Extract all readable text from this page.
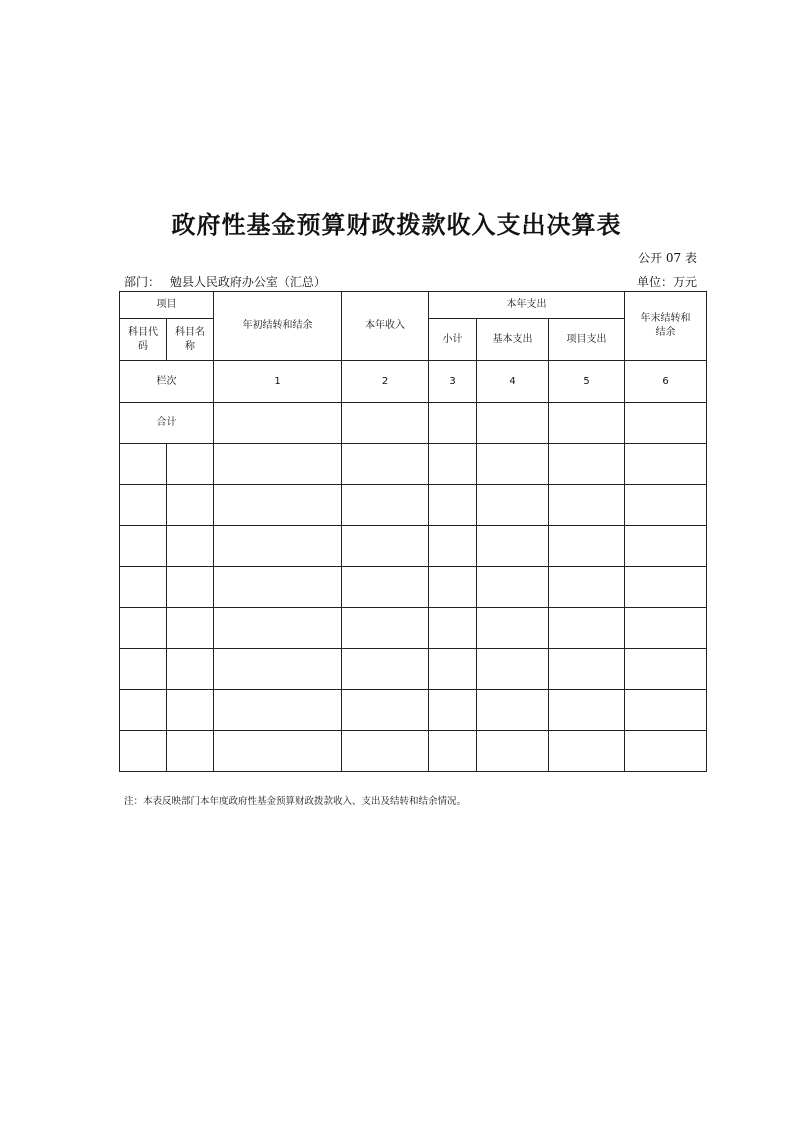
政府性基金预算财政拨款收入支出决算表
公开 07 表
部门： 勉县人民政府办公室（汇总）	单位：万元
项目		年初结转和结余	本年收入	本年支出			年末结转和结余

科目代码	科目名称			小计	基本支出	项目支出	
栏次		1	2	3	4	5	6
合计							

注：本表反映部门本年度政府性基金预算财政拨款收入、支出及结转和结余情况。
